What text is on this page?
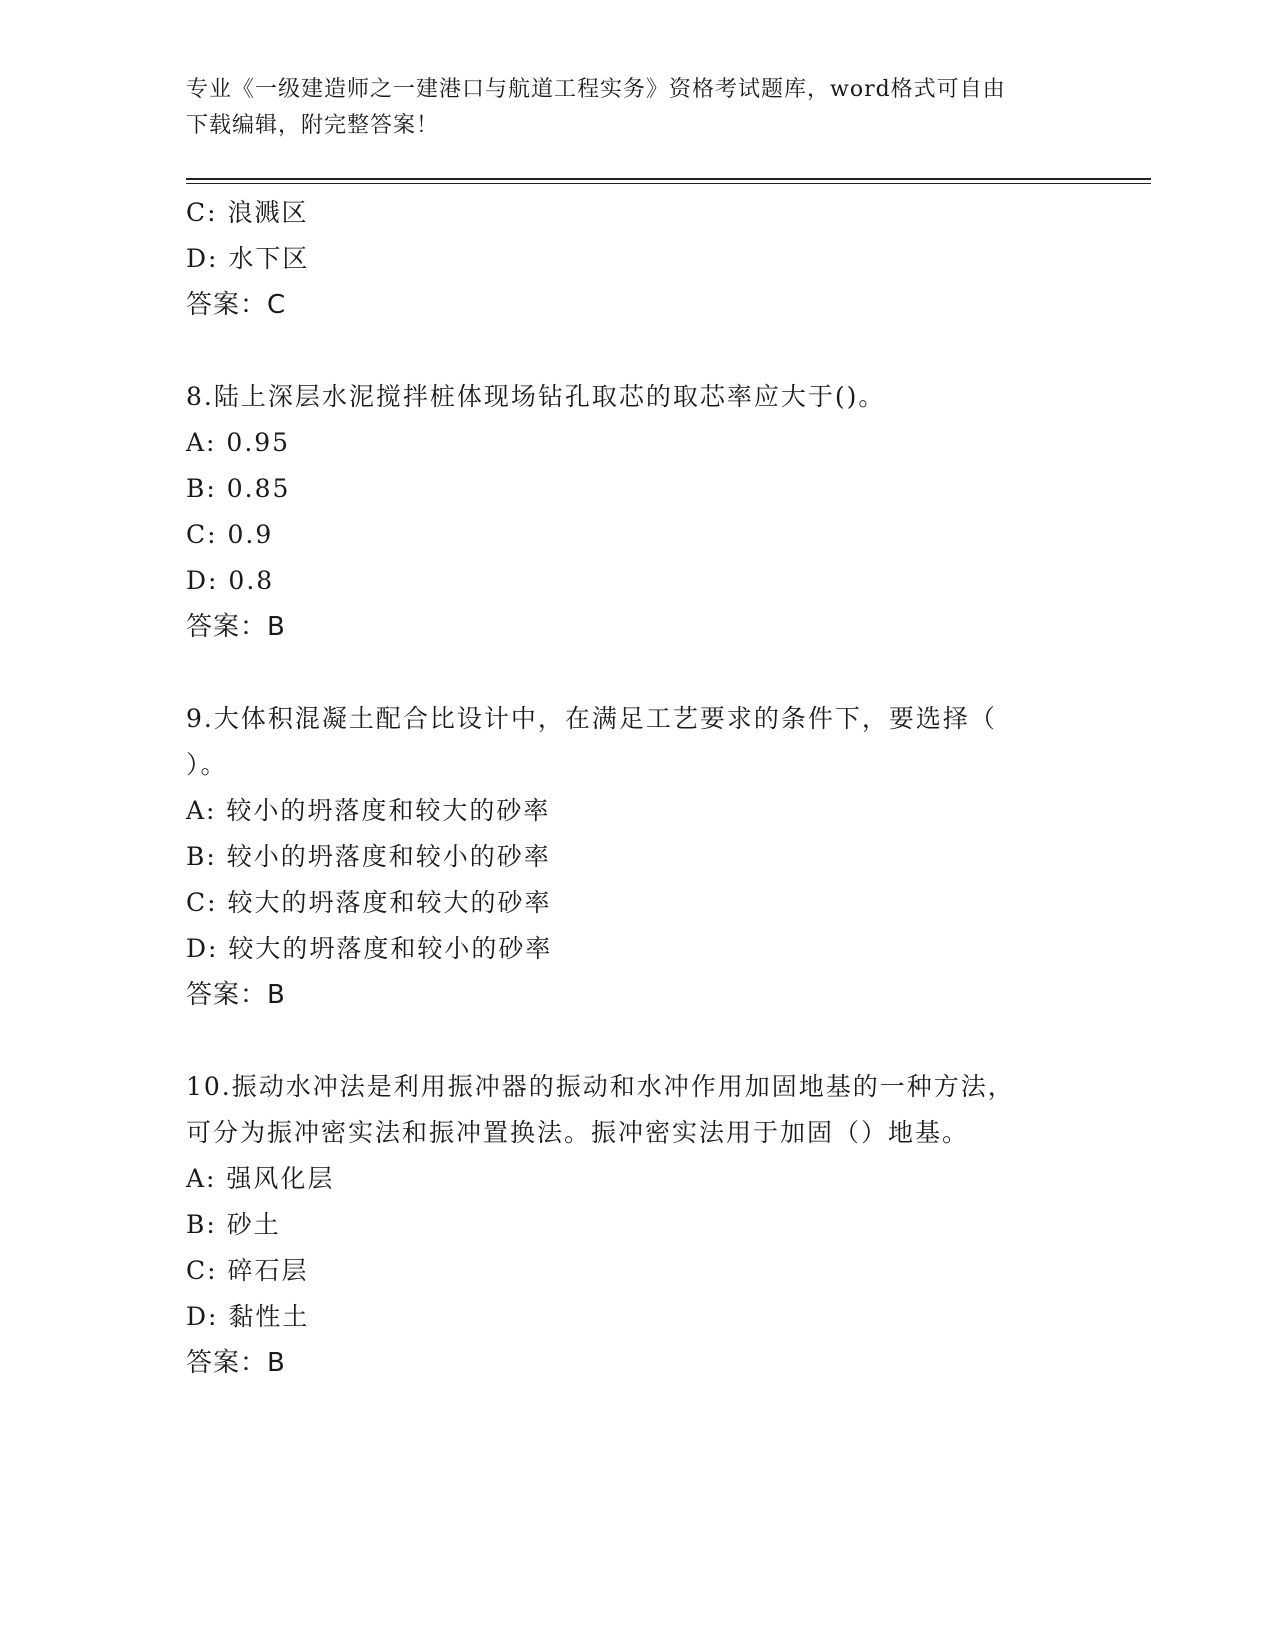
专业《一级建造师之一建港口与航道工程实务》资格考试题库，word格式可自由
下载编辑，附完整答案！
C: 浪溅区
D: 水下区
答案：C
8.陆上深层水泥搅拌桩体现场钻孔取芯的取芯率应大于()。
A: 0.95
B: 0.85
C: 0.9
D: 0.8
答案：B
9.大体积混凝土配合比设计中，在满足工艺要求的条件下，要选择（
）。
A: 较小的坍落度和较大的砂率
B: 较小的坍落度和较小的砂率
C: 较大的坍落度和较大的砂率
D: 较大的坍落度和较小的砂率
答案：B
10.振动水冲法是利用振冲器的振动和水冲作用加固地基的一种方法，
可分为振冲密实法和振冲置换法。振冲密实法用于加固（）地基。
A: 强风化层
B: 砂土
C: 碎石层
D: 黏性土
答案：B
